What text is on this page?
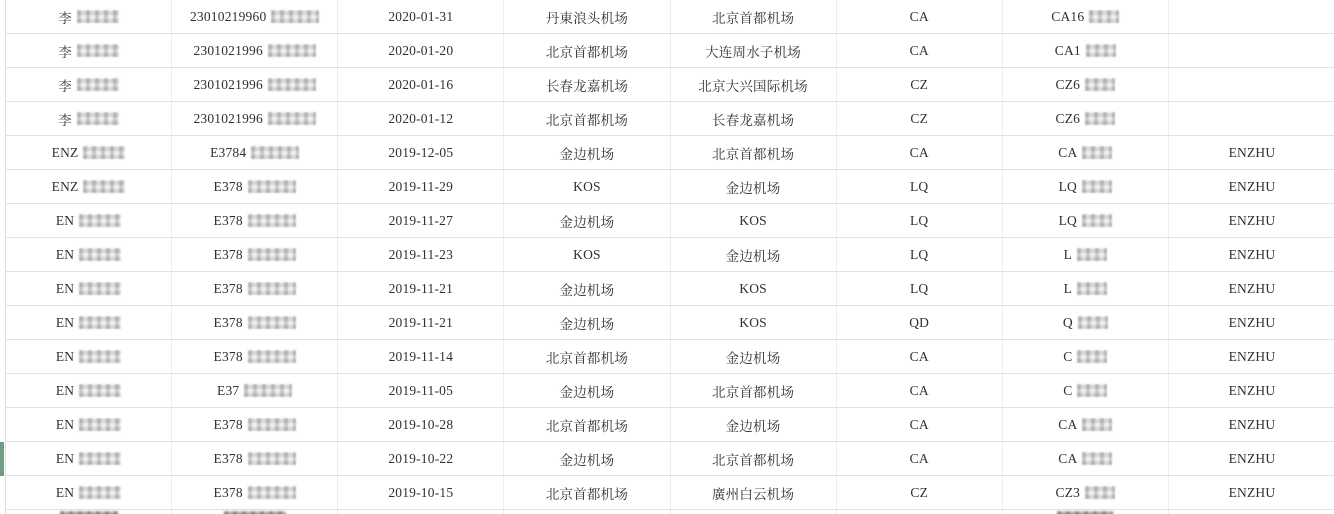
李	23010219960	2020-01-31	丹東浪头机场	北京首都机场	CA	CA16
李	2301021996	2020-01-20	北京首都机场	大连周水子机场	CA	CA1
李	2301021996	2020-01-16	长春龙嘉机场	北京大兴国际机场	CZ	CZ6
李	2301021996	2020-01-12	北京首都机场	长春龙嘉机场	CZ	CZ6
ENZ	E3784	2019-12-05	金边机场	北京首都机场	CA	CA	ENZHU
ENZ	E378	2019-11-29	KOS	金边机场	LQ	LQ	ENZHU
EN	E378	2019-11-27	金边机场	KOS	LQ	LQ	ENZHU
EN	E378	2019-11-23	KOS	金边机场	LQ	L	ENZHU
EN	E378	2019-11-21	金边机场	KOS	LQ	L	ENZHU
EN	E378	2019-11-21	金边机场	KOS	QD	Q	ENZHU
EN	E378	2019-11-14	北京首都机场	金边机场	CA	C	ENZHU
EN	E37	2019-11-05	金边机场	北京首都机场	CA	C	ENZHU
EN	E378	2019-10-28	北京首都机场	金边机场	CA	CA	ENZHU
EN	E378	2019-10-22	金边机场	北京首都机场	CA	CA	ENZHU
EN	E378	2019-10-15	北京首都机场	廣州白云机场	CZ	CZ3	ENZHU
